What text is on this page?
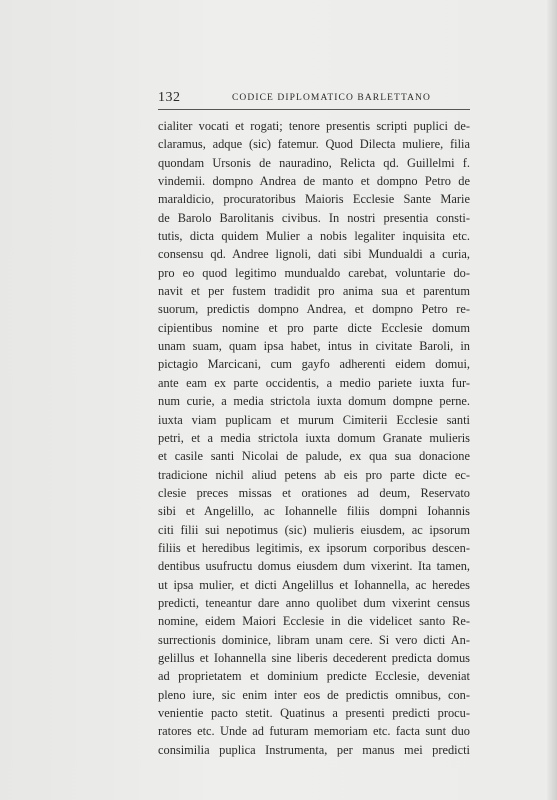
132	CODICE DIPLOMATICO BARLETTANO
cialiter vocati et rogati; tenore presentis scripti puplici de-
claramus, adque (sic) fatemur. Quod Dilecta muliere, filia
quondam Ursonis de nauradino, Relicta qd. Guillelmi f.
vindemii. dompno Andrea de manto et dompno Petro de
maraldicio, procuratoribus Maioris Ecclesie Sante Marie
de Barolo Barolitanis civibus. In nostri presentia consti-
tutis, dicta quidem Mulier a nobis legaliter inquisita etc.
consensu qd. Andree lignoli, dati sibi Mundualdi a curia,
pro eo quod legitimo mundualdo carebat, voluntarie do-
navit et per fustem tradidit pro anima sua et parentum
suorum, predictis dompno Andrea, et dompno Petro re-
cipientibus nomine et pro parte dicte Ecclesie domum
unam suam, quam ipsa habet, intus in civitate Baroli, in
pictagio Marcicani, cum gayfo adherenti eidem domui,
ante eam ex parte occidentis, a medio pariete iuxta fur-
num curie, a media strictola iuxta domum dompne perne.
iuxta viam puplicam et murum Cimiterii Ecclesie santi
petri, et a media strictola iuxta domum Granate mulieris
et casile santi Nicolai de palude, ex qua sua donacione
tradicione nichil aliud petens ab eis pro parte dicte ec-
clesie preces missas et orationes ad deum, Reservato
sibi et Angelillo, ac Iohannelle filiis dompni Iohannis
citi filii sui nepotimus (sic) mulieris eiusdem, ac ipsorum
filiis et heredibus legitimis, ex ipsorum corporibus descen-
dentibus usufructu domus eiusdem dum vixerint. Ita tamen,
ut ipsa mulier, et dicti Angelillus et Iohannella, ac heredes
predicti, teneantur dare anno quolibet dum vixerint census
nomine, eidem Maiori Ecclesie in die videlicet santo Re-
surrectionis dominice, libram unam cere. Si vero dicti An-
gelillus et Iohannella sine liberis decederent predicta domus
ad proprietatem et dominium predicte Ecclesie, deveniat
pleno iure, sic enim inter eos de predictis omnibus, con-
venientie pacto stetit. Quatinus a presenti predicti procu-
ratores etc. Unde ad futuram memoriam etc. facta sunt duo
consimilia puplica Instrumenta, per manus mei predicti
